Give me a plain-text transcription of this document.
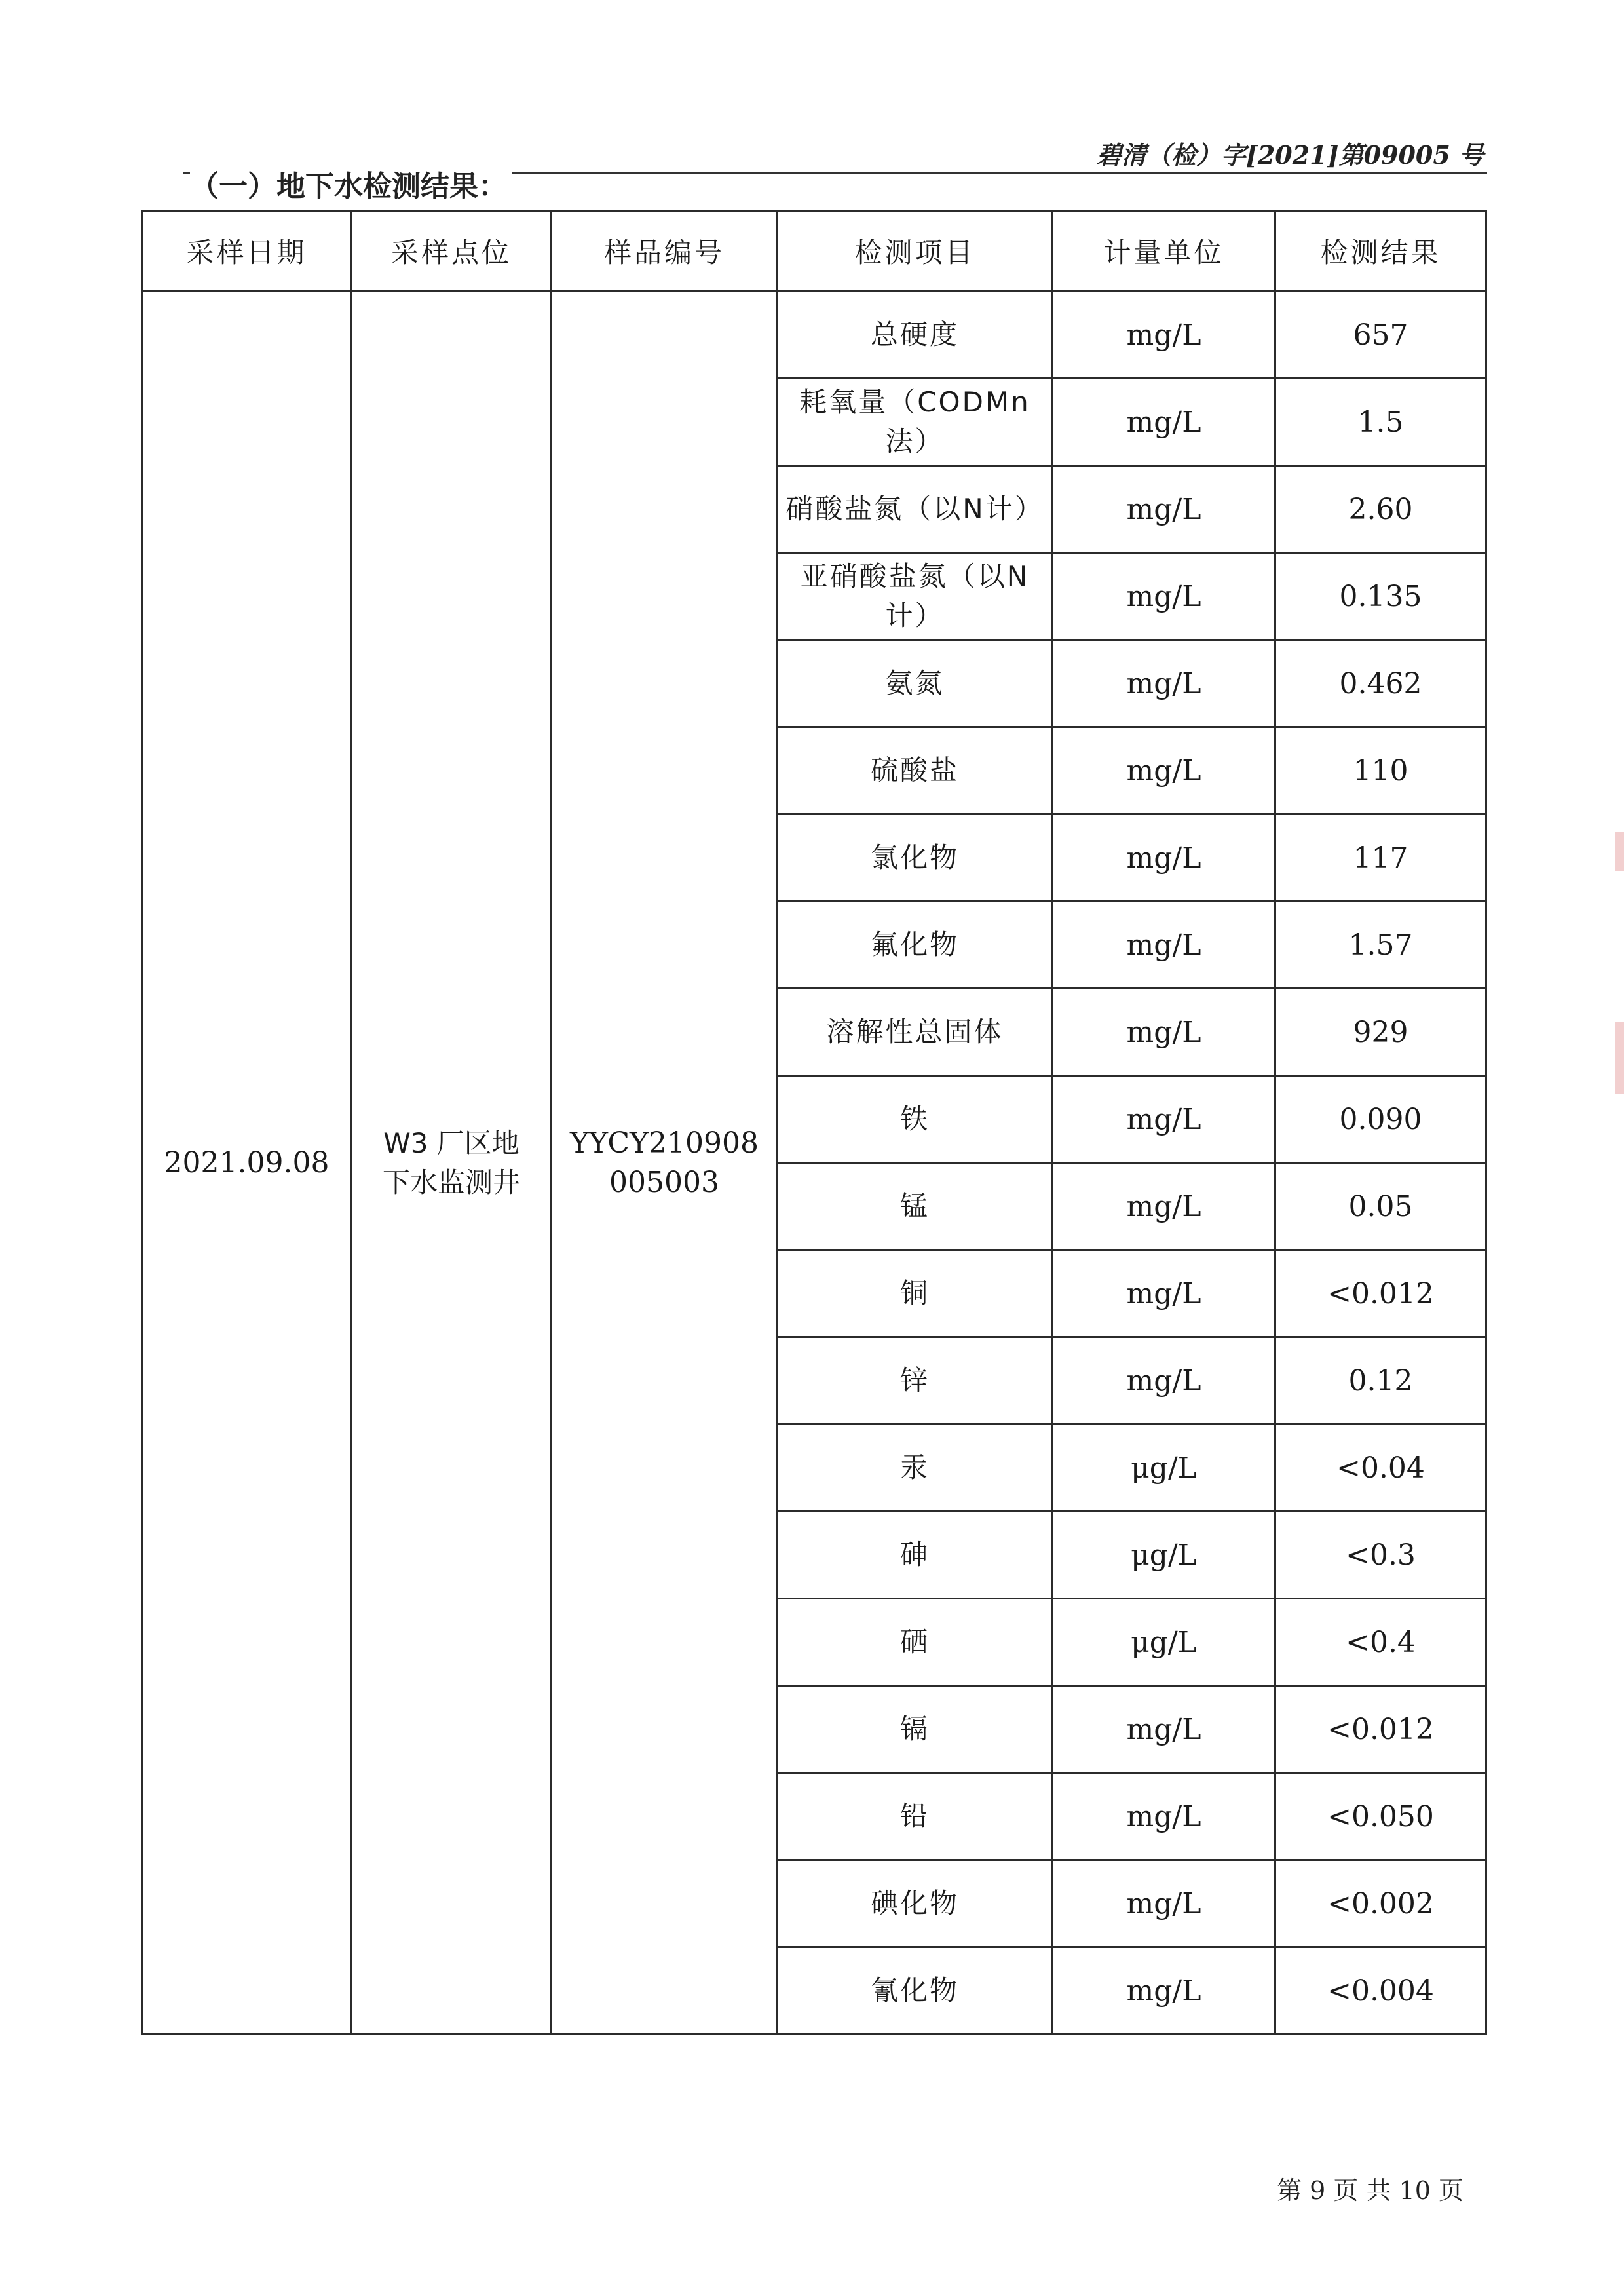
碧清（检）字[2021]第09005 号
（一）地下水检测结果：
采样日期	采样点位	样品编号	检测项目	计量单位	检测结果
2021.09.08	W3 厂区地下水监测井	YYCY210908005003	总硬度	mg/L	657
			耗氧量（CODMn法）	mg/L	1.5
			硝酸盐氮（以N计）	mg/L	2.60
			亚硝酸盐氮（以N计）	mg/L	0.135
			氨氮	mg/L	0.462
			硫酸盐	mg/L	110
			氯化物	mg/L	117
			氟化物	mg/L	1.57
			溶解性总固体	mg/L	929
			铁	mg/L	0.090
			锰	mg/L	0.05
			铜	mg/L	<0.012
			锌	mg/L	0.12
			汞	μg/L	<0.04
			砷	μg/L	<0.3
			硒	μg/L	<0.4
			镉	mg/L	<0.012
			铅	mg/L	<0.050
			碘化物	mg/L	<0.002
			氰化物	mg/L	<0.004
第 9 页 共 10 页
